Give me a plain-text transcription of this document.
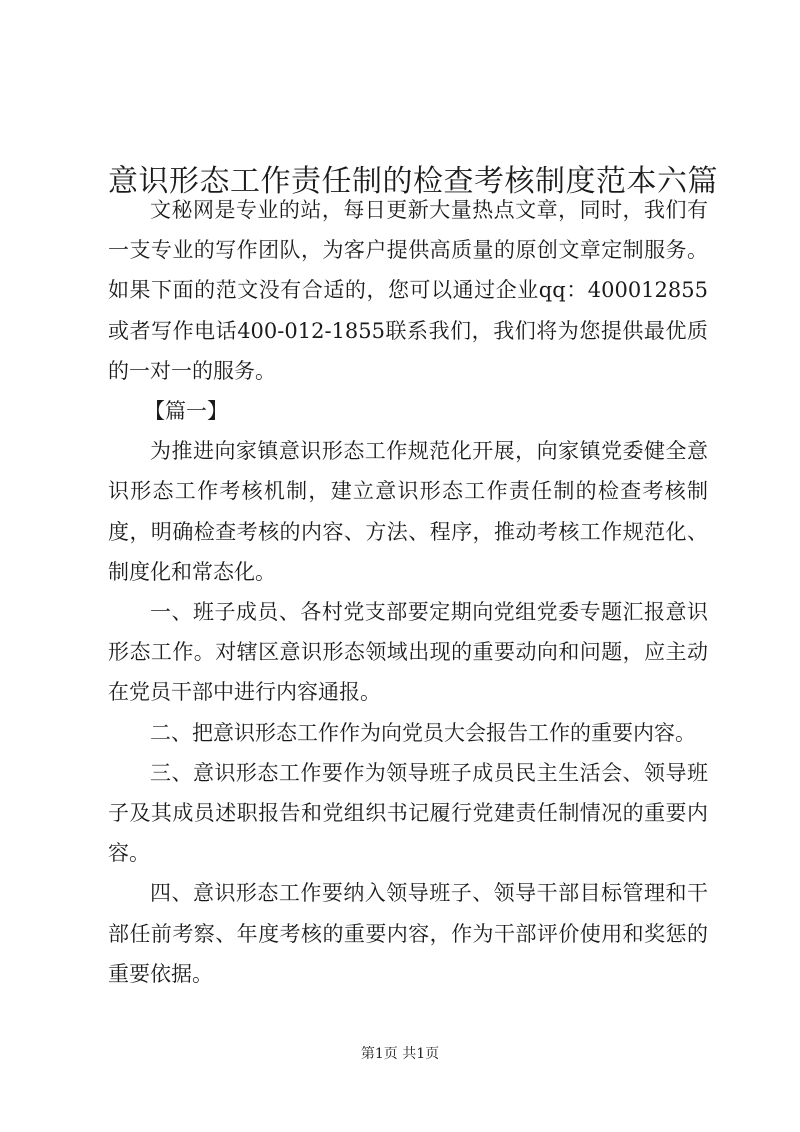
意识形态工作责任制的检查考核制度范本六篇

文秘网是专业的站，每日更新大量热点文章，同时，我们有一支专业的写作团队，为客户提供高质量的原创文章定制服务。如果下面的范文没有合适的，您可以通过企业qq：400012855或者写作电话400-012-1855联系我们，我们将为您提供最优质的一对一的服务。

【篇一】

为推进向家镇意识形态工作规范化开展，向家镇党委健全意识形态工作考核机制，建立意识形态工作责任制的检查考核制度，明确检查考核的内容、方法、程序，推动考核工作规范化、制度化和常态化。

一、班子成员、各村党支部要定期向党组党委专题汇报意识形态工作。对辖区意识形态领域出现的重要动向和问题，应主动在党员干部中进行内容通报。

二、把意识形态工作作为向党员大会报告工作的重要内容。

三、意识形态工作要作为领导班子成员民主生活会、领导班子及其成员述职报告和党组织书记履行党建责任制情况的重要内容。

四、意识形态工作要纳入领导班子、领导干部目标管理和干部任前考察、年度考核的重要内容，作为干部评价使用和奖惩的重要依据。

第1页 共1页
